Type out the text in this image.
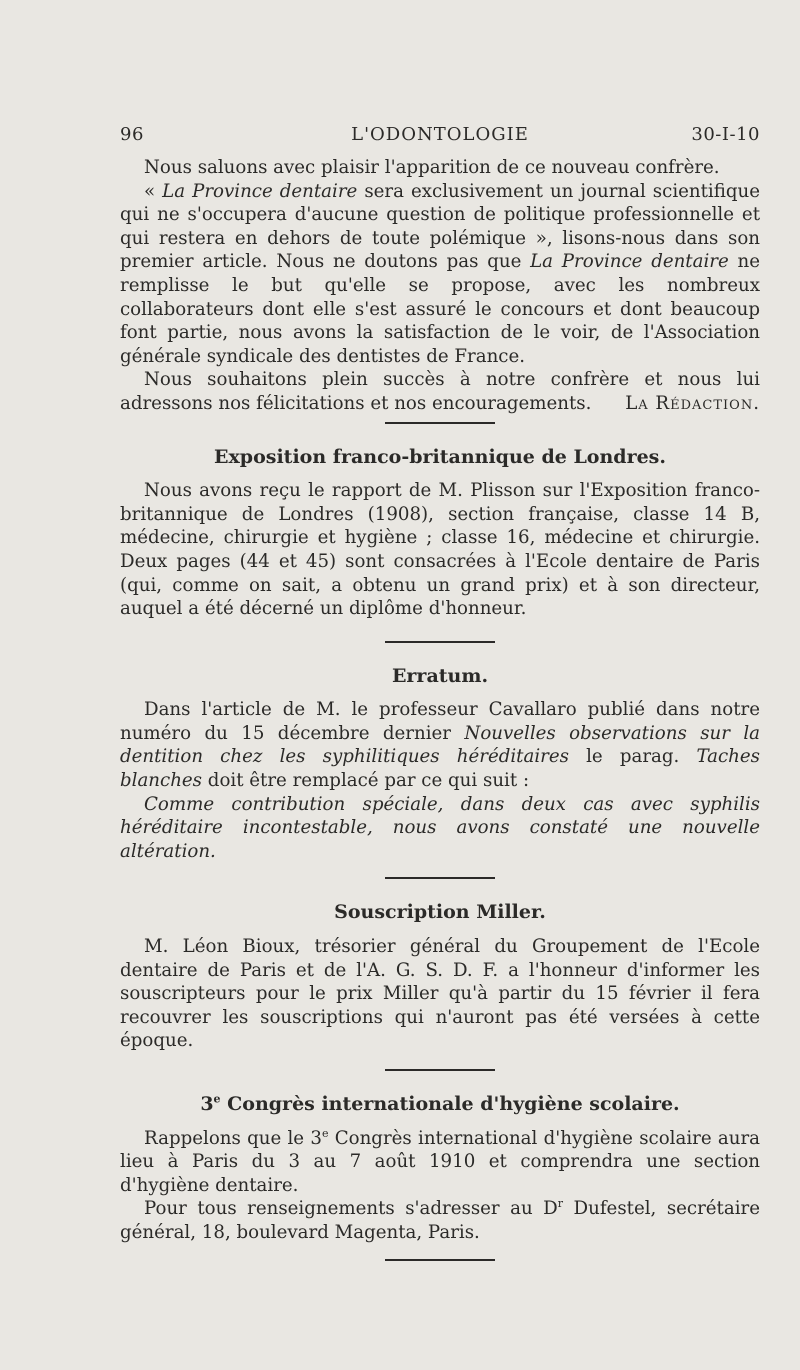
96	L'ODONTOLOGIE	30-I-10

Nous saluons avec plaisir l'apparition de ce nouveau confrère.

« La Province dentaire sera exclusivement un journal scientifique qui ne s'occupera d'aucune question de politique professionnelle et qui restera en dehors de toute polémique », lisons-nous dans son premier article. Nous ne doutons pas que La Province dentaire ne remplisse le but qu'elle se propose, avec les nombreux collaborateurs dont elle s'est assuré le concours et dont beaucoup font partie, nous avons la satisfaction de le voir, de l'Association générale syndicale des dentistes de France.

Nous souhaitons plein succès à notre confrère et nous lui adressons nos félicitations et nos encouragements.	La Rédaction.

Exposition franco-britannique de Londres.

Nous avons reçu le rapport de M. Plisson sur l'Exposition franco-britannique de Londres (1908), section française, classe 14 B, médecine, chirurgie et hygiène ; classe 16, médecine et chirurgie. Deux pages (44 et 45) sont consacrées à l'Ecole dentaire de Paris (qui, comme on sait, a obtenu un grand prix) et à son directeur, auquel a été décerné un diplôme d'honneur.

Erratum.

Dans l'article de M. le professeur Cavallaro publié dans notre numéro du 15 décembre dernier Nouvelles observations sur la dentition chez les syphilitiques héréditaires le parag. Taches blanches doit être remplacé par ce qui suit :

Comme contribution spéciale, dans deux cas avec syphilis héréditaire incontestable, nous avons constaté une nouvelle altération.

Souscription Miller.

M. Léon Bioux, trésorier général du Groupement de l'Ecole dentaire de Paris et de l'A. G. S. D. F. a l'honneur d'informer les souscripteurs pour le prix Miller qu'à partir du 15 février il fera recouvrer les souscriptions qui n'auront pas été versées à cette époque.

3e Congrès internationale d'hygiène scolaire.

Rappelons que le 3e Congrès international d'hygiène scolaire aura lieu à Paris du 3 au 7 août 1910 et comprendra une section d'hygiène dentaire.

Pour tous renseignements s'adresser au $D^r$ Dufestel, secrétaire général, 18, boulevard Magenta, Paris.
